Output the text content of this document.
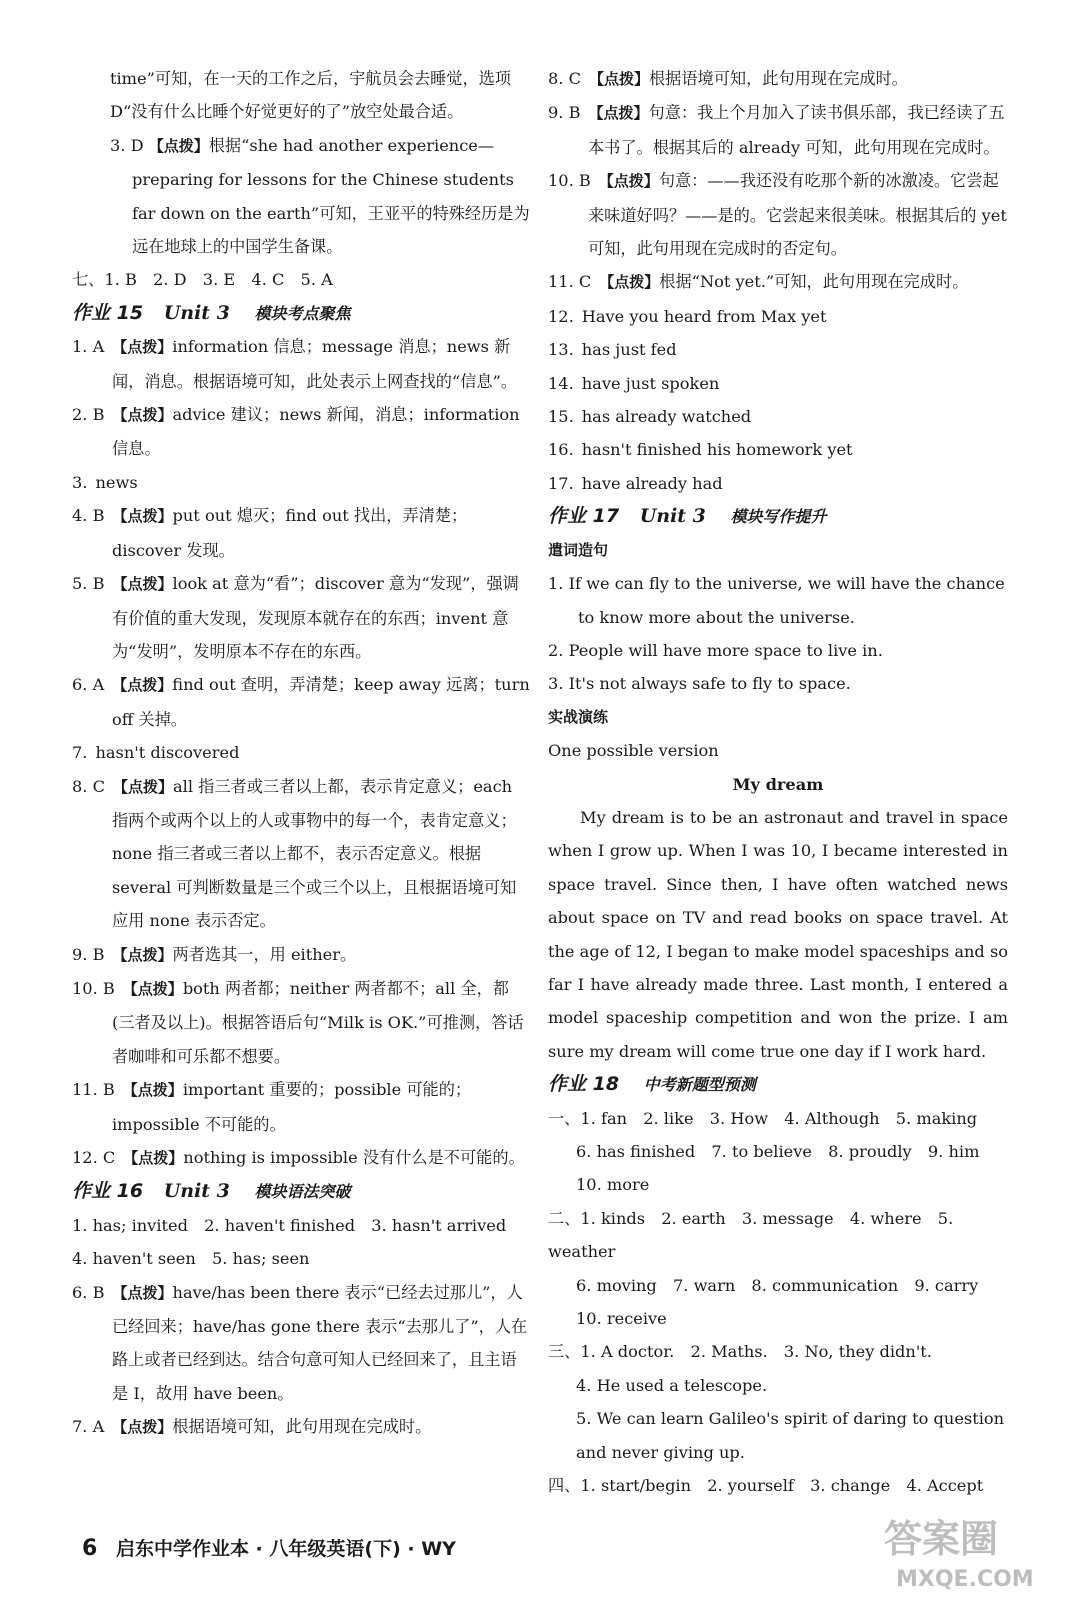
time”可知，在一天的工作之后，宇航员会去睡觉，选项D“没有什么比睡个好觉更好的了”放空处最合适。

3. D 【点拨】根据“she had another experience—preparing for lessons for the Chinese students far down on the earth”可知，王亚平的特殊经历是为远在地球上的中国学生备课。

七、1. B　2. D　3. E　4. C　5. A

作业 15 Unit 3 模块考点聚焦

1. A 【点拨】information 信息；message 消息；news 新闻，消息。根据语境可知，此处表示上网查找的“信息”。

2. B 【点拨】advice 建议；news 新闻，消息；information 信息。

3. news

4. B 【点拨】put out 熄灭；find out 找出，弄清楚；discover 发现。

5. B 【点拨】look at 意为“看”；discover 意为“发现”，强调有价值的重大发现，发现原本就存在的东西；invent 意为“发明”，发明原本不存在的东西。

6. A 【点拨】find out 查明，弄清楚；keep away 远离；turn off 关掉。

7. hasn't discovered

8. C 【点拨】all 指三者或三者以上都，表示肯定意义；each 指两个或两个以上的人或事物中的每一个，表肯定意义；none 指三者或三者以上都不，表示否定意义。根据 several 可判断数量是三个或三个以上，且根据语境可知应用 none 表示否定。

9. B 【点拨】两者选其一，用 either。

10. B 【点拨】both 两者都；neither 两者都不；all 全，都(三者及以上)。根据答语后句“Milk is OK.”可推测，答话者咖啡和可乐都不想要。

11. B 【点拨】important 重要的；possible 可能的；impossible 不可能的。

12. C 【点拨】nothing is impossible 没有什么是不可能的。

作业 16 Unit 3 模块语法突破

1. has; invited　2. haven't finished　3. hasn't arrived

4. haven't seen　5. has; seen

6. B 【点拨】have/has been there 表示“已经去过那儿”，人已经回来；have/has gone there 表示“去那儿了”，人在路上或者已经到达。结合句意可知人已经回来了，且主语是 I，故用 have been。

7. A 【点拨】根据语境可知，此句用现在完成时。

8. C 【点拨】根据语境可知，此句用现在完成时。

9. B 【点拨】句意：我上个月加入了读书俱乐部，我已经读了五本书了。根据其后的 already 可知，此句用现在完成时。

10. B 【点拨】句意：——我还没有吃那个新的冰激凌。它尝起来味道好吗？——是的。它尝起来很美味。根据其后的 yet 可知，此句用现在完成时的否定句。

11. C 【点拨】根据“Not yet.”可知，此句用现在完成时。

12. Have you heard from Max yet

13. has just fed

14. have just spoken

15. has already watched

16. hasn't finished his homework yet

17. have already had

作业 17 Unit 3 模块写作提升

遣词造句

1. If we can fly to the universe, we will have the chance to know more about the universe.

2. People will have more space to live in.

3. It's not always safe to fly to space.

实战演练

One possible version

My dream

My dream is to be an astronaut and travel in space when I grow up. When I was 10, I became interested in space travel. Since then, I have often watched news about space on TV and read books on space travel. At the age of 12, I began to make model spaceships and so far I have already made three. Last month, I entered a model spaceship competition and won the prize. I am sure my dream will come true one day if I work hard.

作业 18 中考新题型预测

一、1. fan　2. like　3. How　4. Although　5. making

6. has finished　7. to believe　8. proudly　9. him　10. more

二、1. kinds　2. earth　3. message　4. where　5. weather

6. moving　7. warn　8. communication　9. carry

10. receive

三、1. A doctor.　2. Maths.　3. No, they didn't.

4. He used a telescope.

5. We can learn Galileo's spirit of daring to question and never giving up.

四、1. start/begin　2. yourself　3. change　4. Accept

6 启东中学作业本 · 八年级英语(下) · WY	答案圈
MXQE.COM
